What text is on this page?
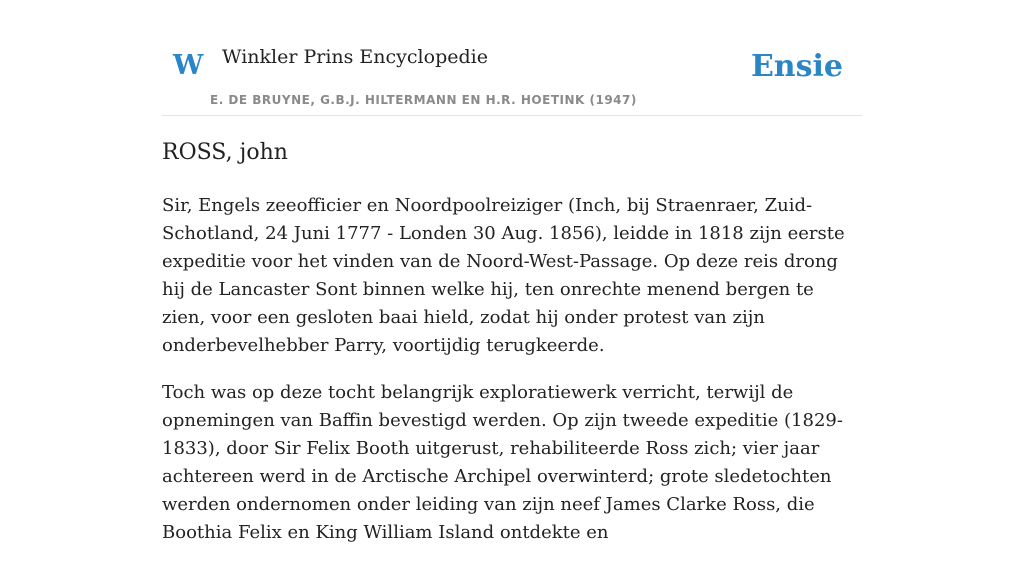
W Winkler Prins Encyclopedie
E. DE BRUYNE, G.B.J. HILTERMANN EN H.R. HOETINK (1947)
Ensie
ROSS, john

Sir, Engels zeeofficier en Noordpoolreiziger (Inch, bij Straenraer, Zuid-Schotland, 24 Juni 1777 - Londen 30 Aug. 1856), leidde in 1818 zijn eerste expeditie voor het vinden van de Noord-West-Passage. Op deze reis drong hij de Lancaster Sont binnen welke hij, ten onrechte menend bergen te zien, voor een gesloten baai hield, zodat hij onder protest van zijn onderbevelhebber Parry, voortijdig terugkeerde.

Toch was op deze tocht belangrijk exploratiewerk verricht, terwijl de opnemingen van Baffin bevestigd werden. Op zijn tweede expeditie (1829-1833), door Sir Felix Booth uitgerust, rehabiliteerde Ross zich; vier jaar achtereen werd in de Arctische Archipel overwinterd; grote sledetochten werden ondernomen onder leiding van zijn neef James Clarke Ross, die Boothia Felix en King William Island ontdekte en
